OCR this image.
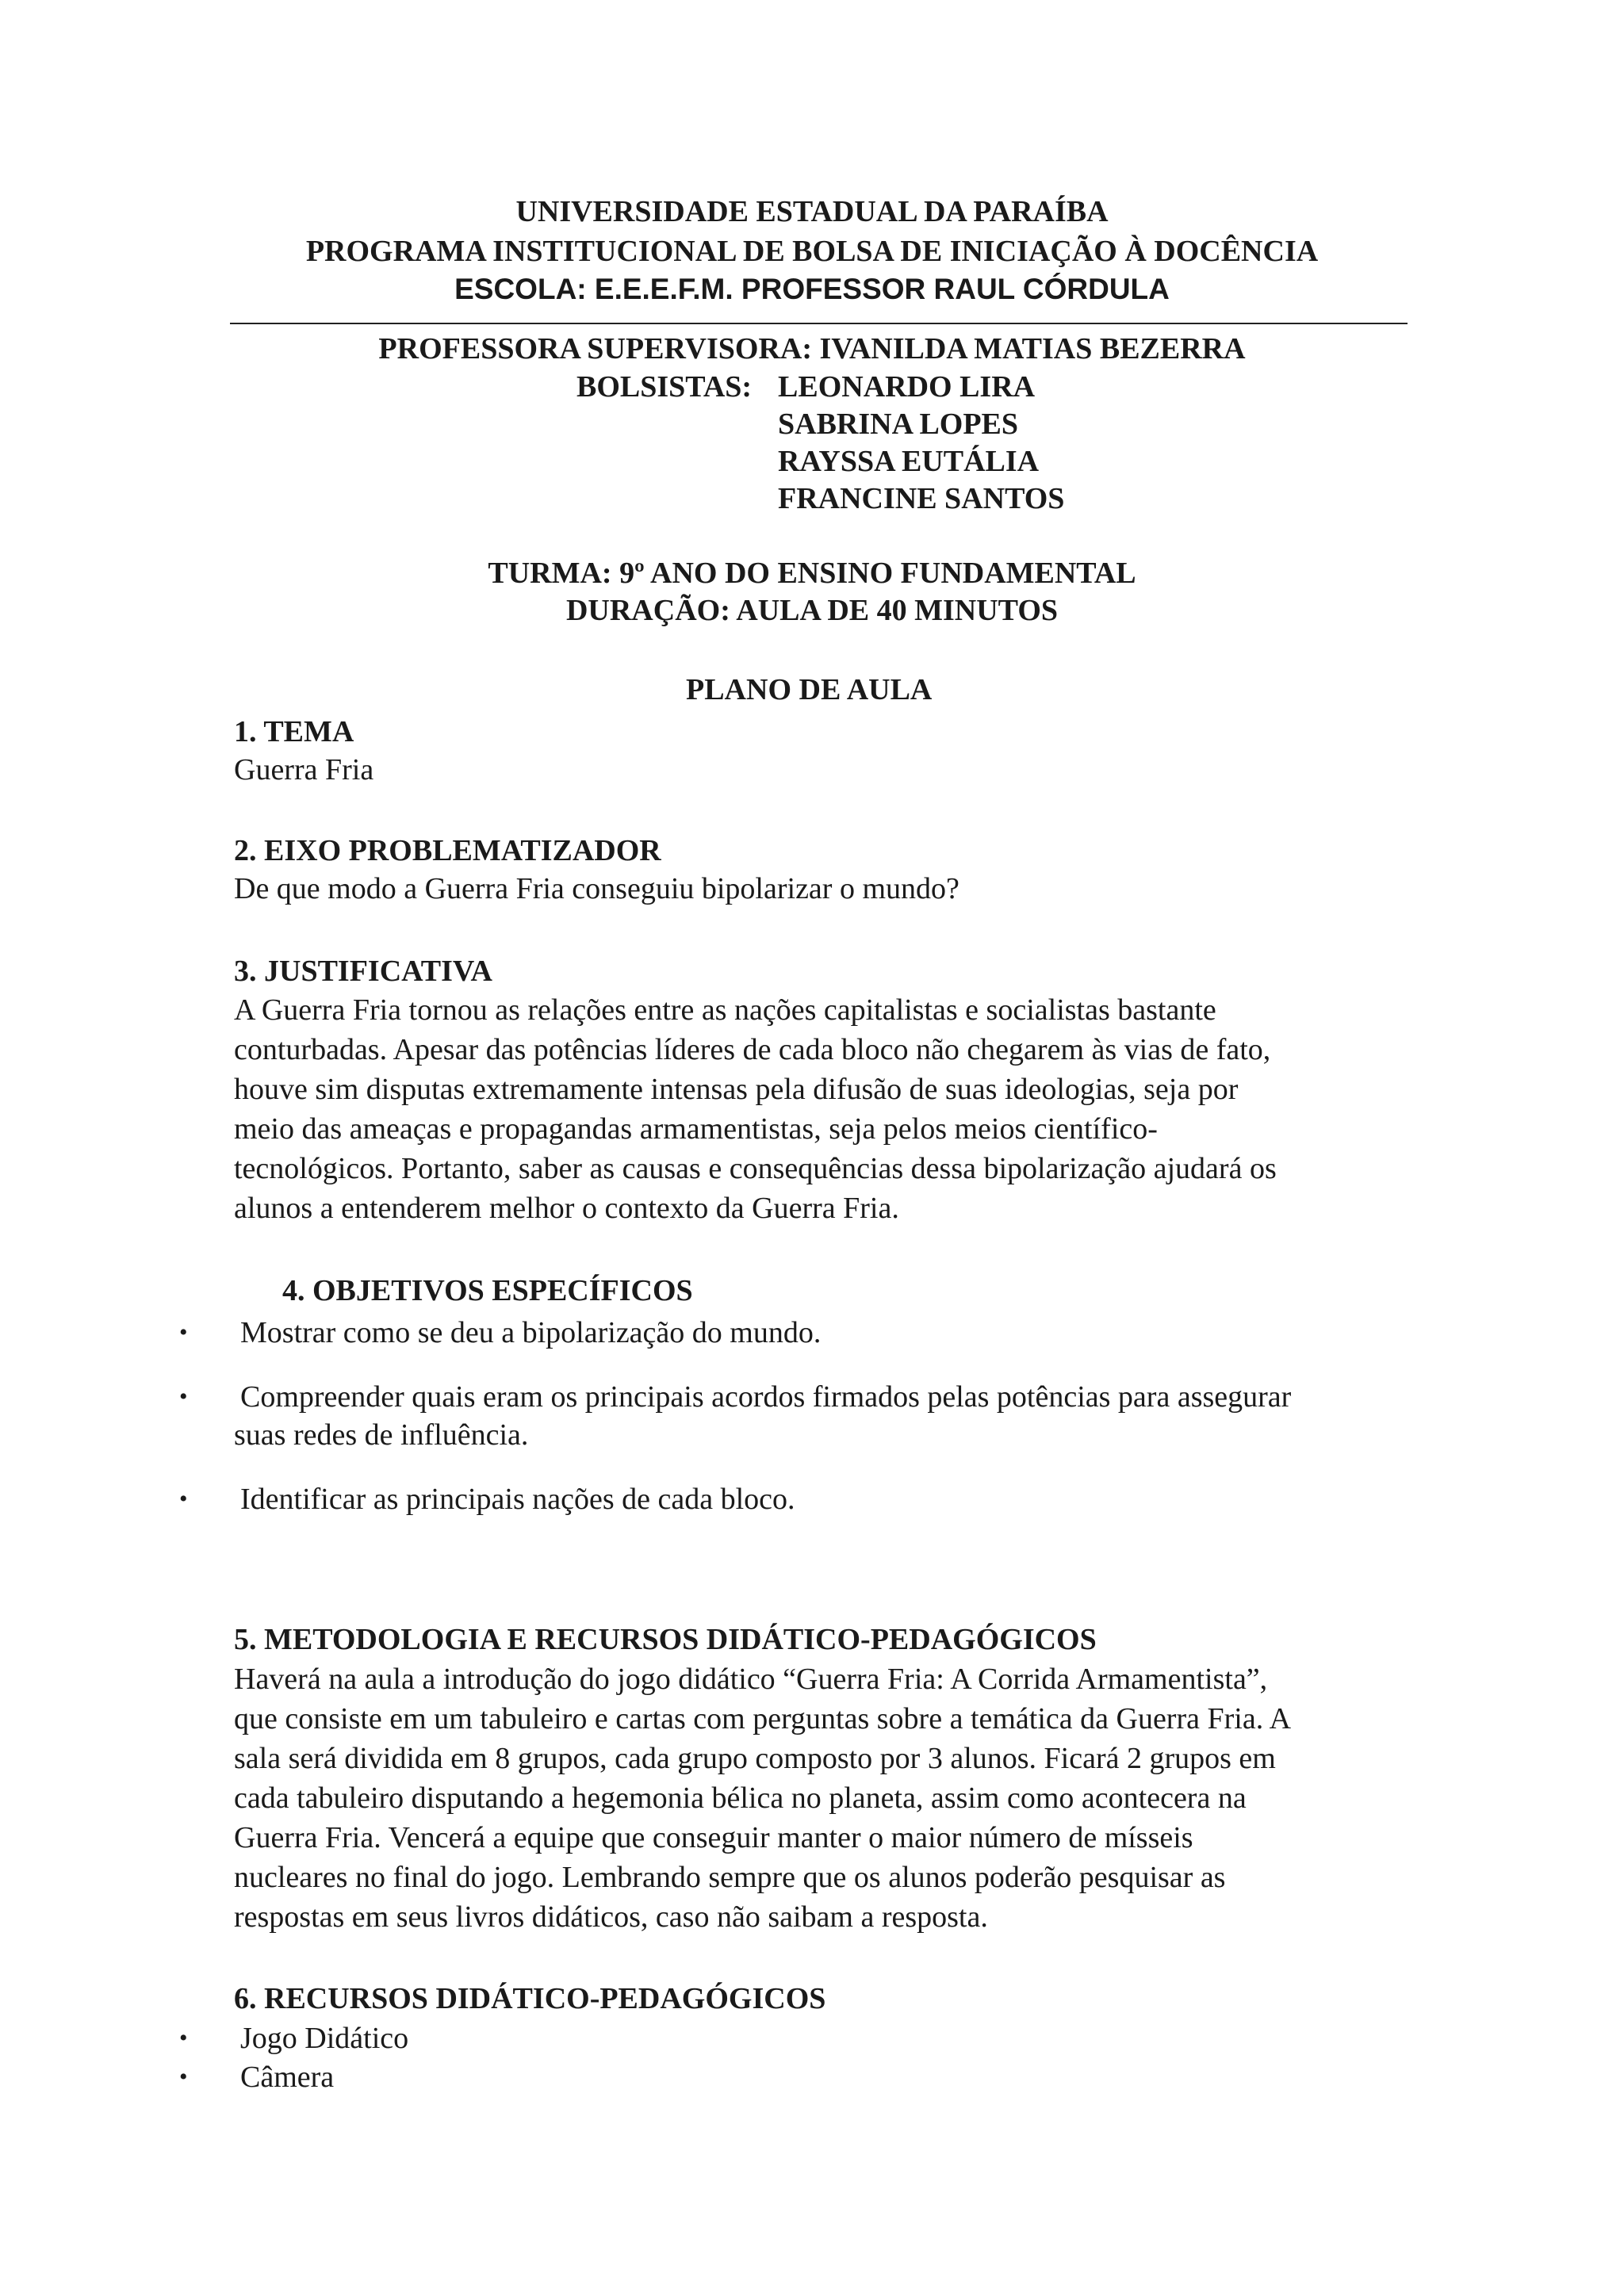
UNIVERSIDADE ESTADUAL DA PARAÍBA
PROGRAMA INSTITUCIONAL DE BOLSA DE INICIAÇÃO À DOCÊNCIA
ESCOLA: E.E.E.F.M. PROFESSOR RAUL CÓRDULA
PROFESSORA SUPERVISORA: IVANILDA MATIAS BEZERRA
BOLSISTAS: LEONARDO LIRA
SABRINA LOPES
RAYSSA EUTÁLIA
FRANCINE SANTOS
TURMA: 9º ANO DO ENSINO FUNDAMENTAL
DURAÇÃO: AULA DE 40 MINUTOS
PLANO DE AULA
1. TEMA
Guerra Fria
2. EIXO PROBLEMATIZADOR
De que modo a Guerra Fria conseguiu bipolarizar o mundo?
3. JUSTIFICATIVA
A Guerra Fria tornou as relações entre as nações capitalistas e socialistas bastante
conturbadas. Apesar das potências líderes de cada bloco não chegarem às vias de fato,
houve sim disputas extremamente intensas pela difusão de suas ideologias, seja por
meio das ameaças e propagandas armamentistas, seja pelos meios científico-
tecnológicos. Portanto, saber as causas e consequências dessa bipolarização ajudará os
alunos a entenderem melhor o contexto da Guerra Fria.
4. OBJETIVOS ESPECÍFICOS
• Mostrar como se deu a bipolarização do mundo.
• Compreender quais eram os principais acordos firmados pelas potências para assegurar
suas redes de influência.
• Identificar as principais nações de cada bloco.
5. METODOLOGIA E RECURSOS DIDÁTICO-PEDAGÓGICOS
Haverá na aula a introdução do jogo didático “Guerra Fria: A Corrida Armamentista”,
que consiste em um tabuleiro e cartas com perguntas sobre a temática da Guerra Fria. A
sala será dividida em 8 grupos, cada grupo composto por 3 alunos. Ficará 2 grupos em
cada tabuleiro disputando a hegemonia bélica no planeta, assim como acontecera na
Guerra Fria. Vencerá a equipe que conseguir manter o maior número de mísseis
nucleares no final do jogo. Lembrando sempre que os alunos poderão pesquisar as
respostas em seus livros didáticos, caso não saibam a resposta.
6. RECURSOS DIDÁTICO-PEDAGÓGICOS
• Jogo Didático
• Câmera
